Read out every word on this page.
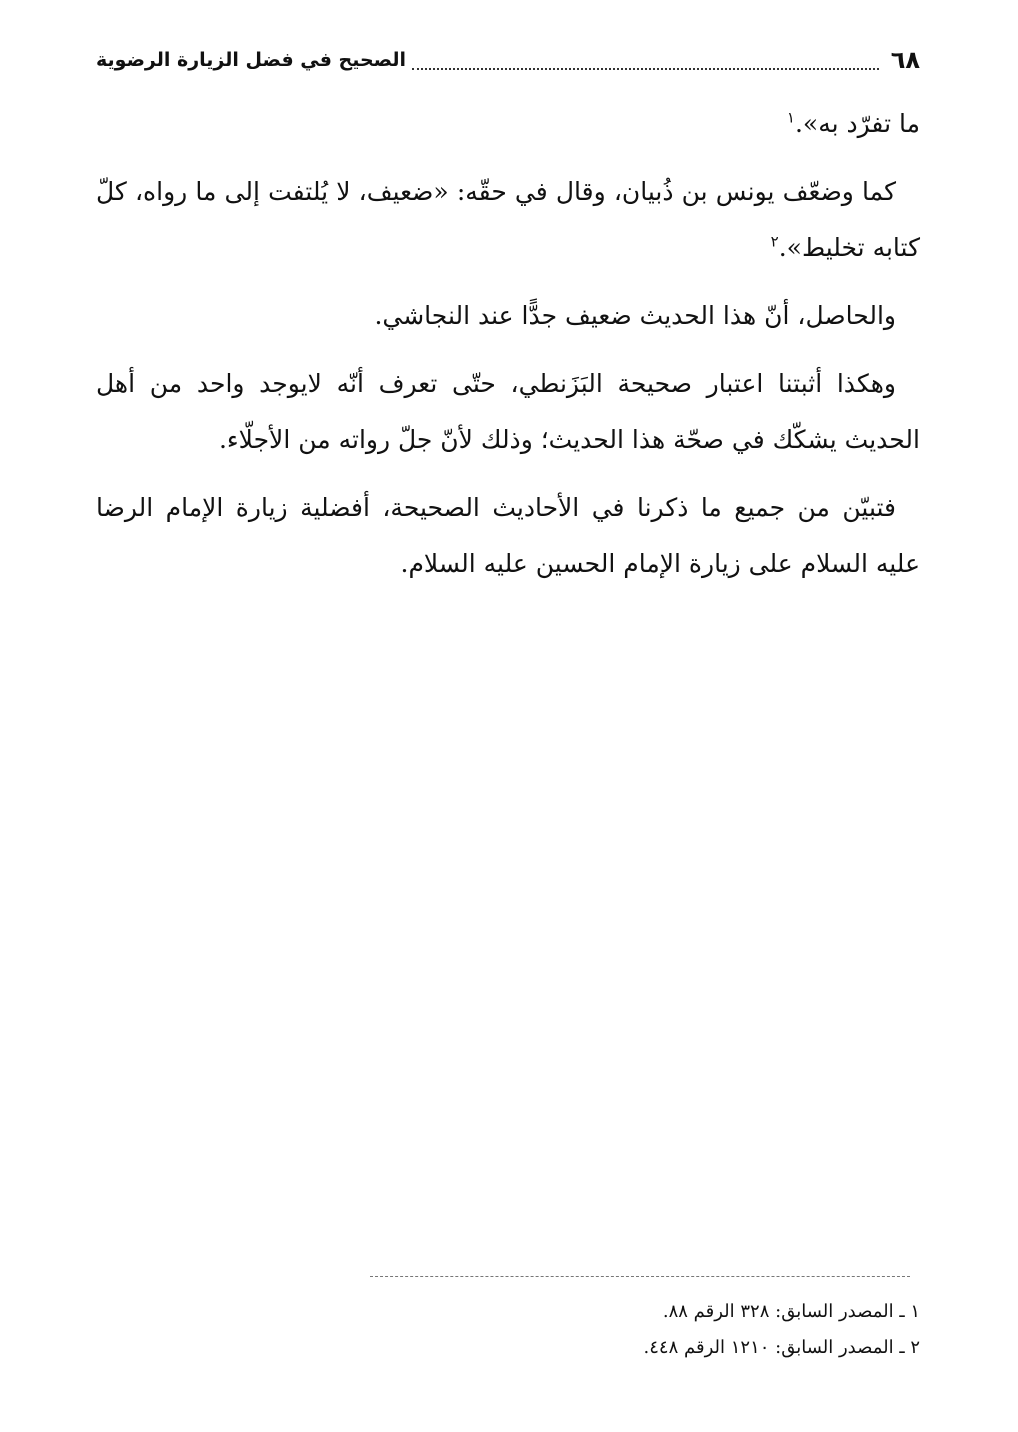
٦٨
الصحيح في فضل الزيارة الرضوية

ما تفرّد به».$^١$

كما وضعّف يونس بن ذُبيان، وقال في حقّه: «ضعيف، لا يُلتفت إلى ما رواه، كلّ كتابه تخليط».$^٢$

والحاصل، أنّ هذا الحديث ضعيف جدًّا عند النجاشي.

وهكذا أثبتنا اعتبار صحيحة البَزَنطي، حتّى تعرف أنّه لايوجد واحد من أهل الحديث يشكّك في صحّة هذا الحديث؛ وذلك لأنّ جلّ رواته من الأجلّاء.

فتبيّن من جميع ما ذكرنا في الأحاديث الصحيحة، أفضلية زيارة الإمام الرضا عليه السلام على زيارة الإمام الحسين عليه السلام.

١ ـ المصدر السابق: ٣٢٨ الرقم ٨٨.

٢ ـ المصدر السابق: ١٢١٠ الرقم ٤٤٨.
